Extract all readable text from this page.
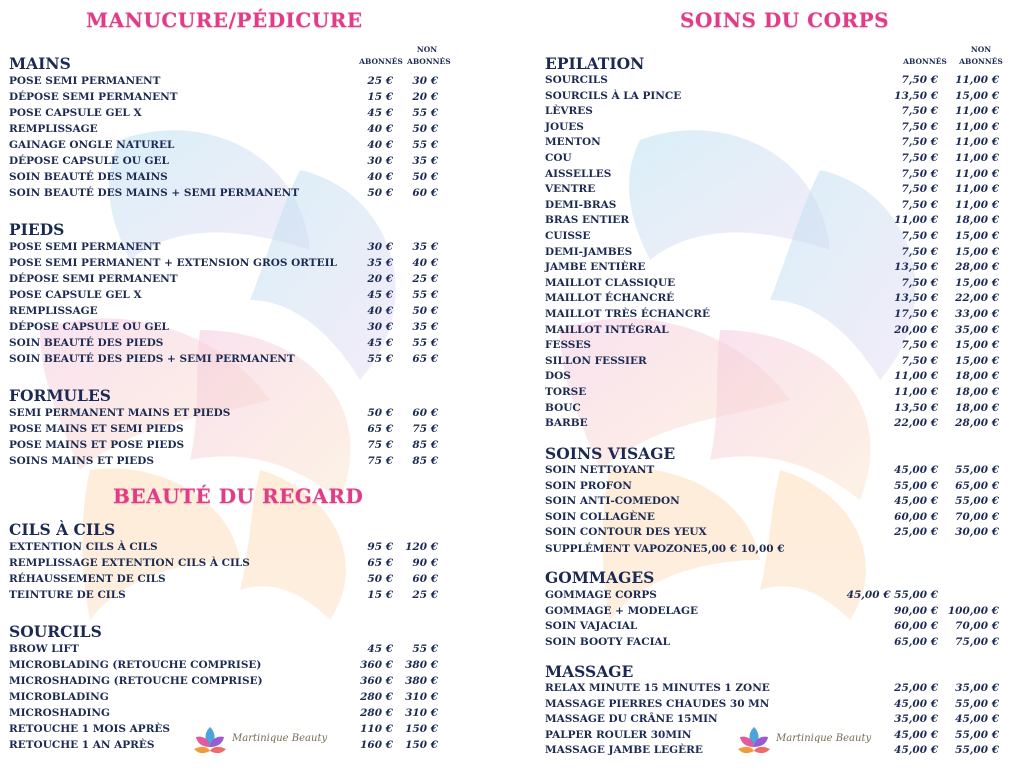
MANUCURE/PÉDICURE
BEAUTÉ DU REGARD
ABONNÉS
NON
ABONNÉS
MAINS
PIEDS
FORMULES
CILS À CILS
SOURCILS
POSE SEMI PERMANENT	25 € 30 €
DÉPOSE SEMI PERMANENT	15 € 20 €
POSE CAPSULE GEL X	45 € 55 €
REMPLISSAGE	40 € 50 €
GAINAGE ONGLE NATUREL	40 € 55 €
DÉPOSE CAPSULE OU GEL	30 € 35 €
SOIN BEAUTÉ DES MAINS	40 € 50 €
SOIN BEAUTÉ DES MAINS + SEMI PERMANENT	50 € 60 €
POSE SEMI PERMANENT	30 € 35 €
POSE SEMI PERMANENT + EXTENSION GROS ORTEIL	35 € 40 €
DÉPOSE SEMI PERMANENT	20 € 25 €
POSE CAPSULE GEL X	45 € 55 €
REMPLISSAGE	40 € 50 €
DÉPOSE CAPSULE OU GEL	30 € 35 €
SOIN BEAUTÉ DES PIEDS	45 € 55 €
SOIN BEAUTÉ DES PIEDS + SEMI PERMANENT	55 € 65 €
SEMI PERMANENT MAINS ET PIEDS	50 € 60 €
POSE MAINS ET SEMI PIEDS	65 € 75 €
POSE MAINS ET POSE PIEDS	75 € 85 €
SOINS MAINS ET PIEDS	75 € 85 €
EXTENTION CILS À CILS	95 € 120 €
REMPLISSAGE EXTENTION CILS À CILS	65 € 90 €
RÉHAUSSEMENT DE CILS	50 € 60 €
TEINTURE DE CILS	15 € 25 €
BROW LIFT	45 € 55 €
MICROBLADING (RETOUCHE COMPRISE)	360 € 380 €
MICROSHADING (RETOUCHE COMPRISE)	360 € 380 €
MICROBLADING	280 € 310 €
MICROSHADING	280 € 310 €
RETOUCHE 1 MOIS APRÈS	110 € 150 €
RETOUCHE 1 AN APRÈS	160 € 150 €
Martinique Beauty
SOINS DU CORPS
ABONNÉS
NON
ABONNÉS
EPILATION
SOINS VISAGE
GOMMAGES
MASSAGE
SOURCILS	7,50 € 11,00 €
SOURCILS À LA PINCE	13,50 € 15,00 €
LÈVRES	7,50 € 11,00 €
JOUES	7,50 € 11,00 €
MENTON	7,50 € 11,00 €
COU	7,50 € 11,00 €
AISSELLES	7,50 € 11,00 €
VENTRE	7,50 € 11,00 €
DEMI-BRAS	7,50 € 11,00 €
BRAS ENTIER	11,00 € 18,00 €
CUISSE	7,50 € 15,00 €
DEMI-JAMBES	7,50 € 15,00 €
JAMBE ENTIÈRE	13,50 € 28,00 €
MAILLOT CLASSIQUE	7,50 € 15,00 €
MAILLOT ÉCHANCRÉ	13,50 € 22,00 €
MAILLOT TRÈS ÉCHANCRÉ	17,50 € 33,00 €
MAILLOT INTÉGRAL	20,00 € 35,00 €
FESSES	7,50 € 15,00 €
SILLON FESSIER	7,50 € 15,00 €
DOS	11,00 € 18,00 €
TORSE	11,00 € 18,00 €
BOUC	13,50 € 18,00 €
BARBE	22,00 € 28,00 €
SOIN NETTOYANT	45,00 € 55,00 €
SOIN PROFON	55,00 € 65,00 €
SOIN ANTI-COMEDON	45,00 € 55,00 €
SOIN COLLAGÈNE	60,00 € 70,00 €
SOIN CONTOUR DES YEUX	25,00 € 30,00 €
GOMMAGE CORPS	45,00 € 55,00 €
GOMMAGE + MODELAGE	90,00 € 100,00 €
SOIN VAJACIAL	60,00 € 70,00 €
SOIN BOOTY FACIAL	65,00 € 75,00 €
RELAX MINUTE 15 MINUTES 1 ZONE	25,00 € 35,00 €
MASSAGE PIERRES CHAUDES 30 MN	45,00 € 55,00 €
MASSAGE DU CRÂNE 15MIN	35,00 € 45,00 €
PALPER ROULER 30MIN	45,00 € 55,00 €
MASSAGE JAMBE LEGÈRE	45,00 € 55,00 €
SUPPLÉMENT VAPOZONE5,00 € 10,00 €
Martinique Beauty
